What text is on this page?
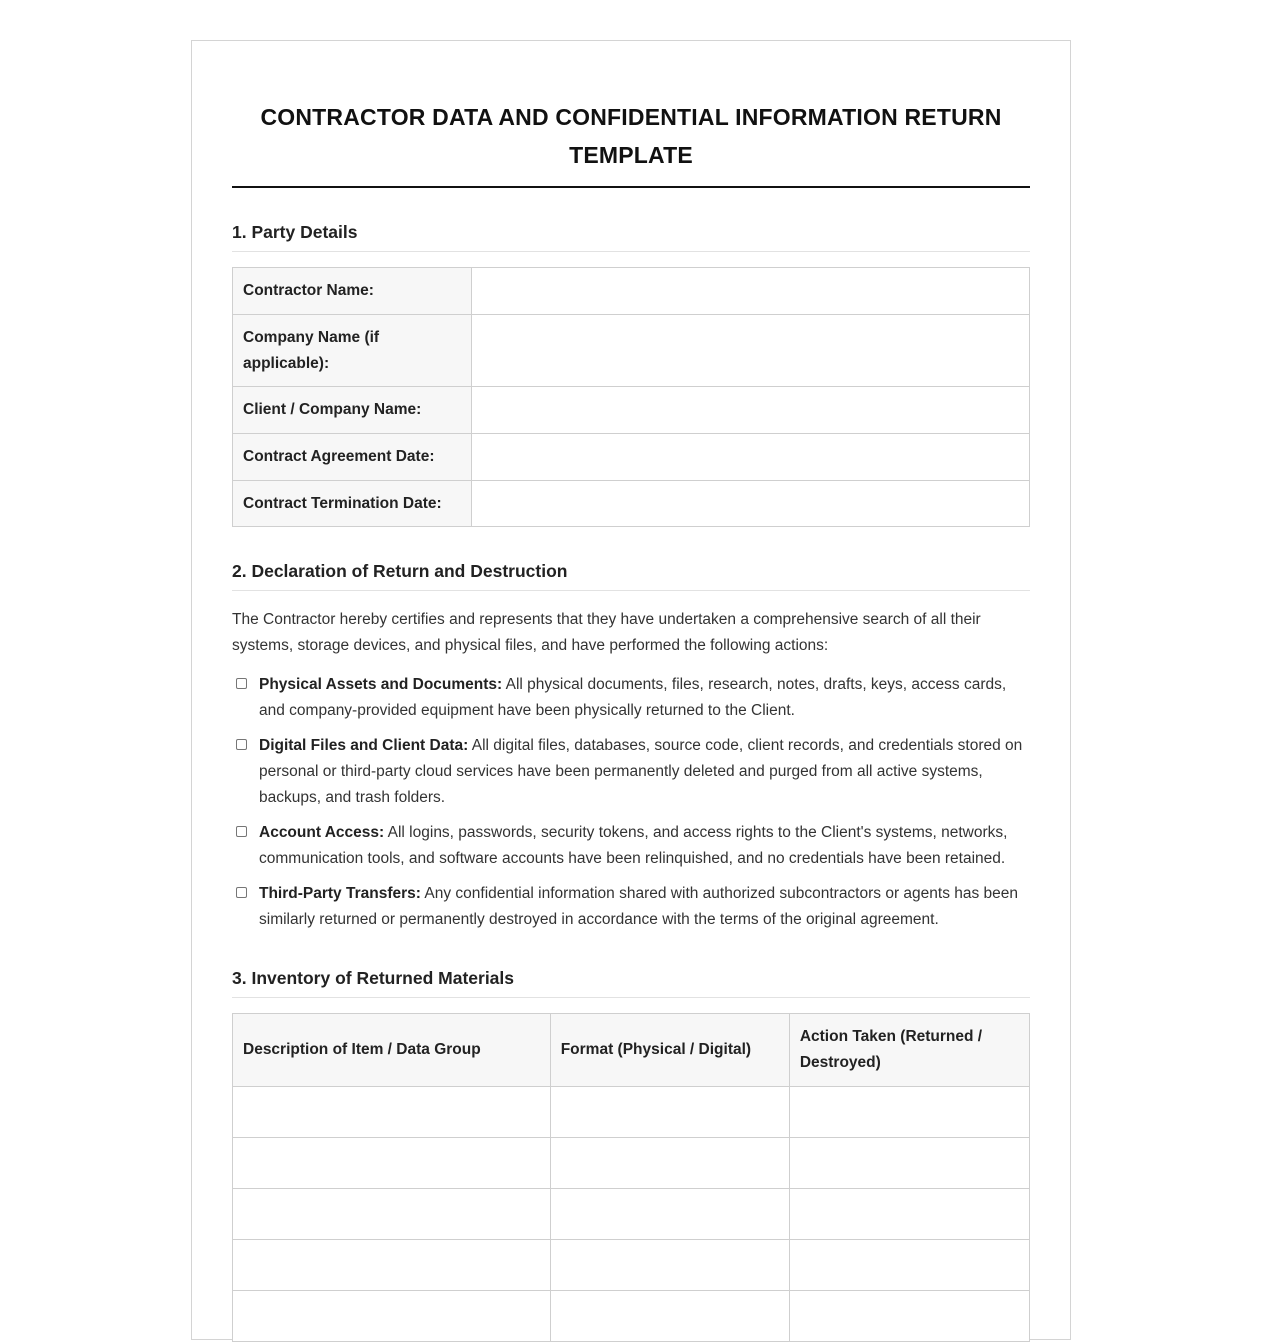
CONTRACTOR DATA AND CONFIDENTIAL INFORMATION RETURN TEMPLATE
1. Party Details
Contractor Name:	
Company Name (if applicable):	
Client / Company Name:	
Contract Agreement Date:	
Contract Termination Date:	
2. Declaration of Return and Destruction
The Contractor hereby certifies and represents that they have undertaken a comprehensive search of all their systems, storage devices, and physical files, and have performed the following actions:
Physical Assets and Documents: All physical documents, files, research, notes, drafts, keys, access cards, and company-provided equipment have been physically returned to the Client.
Digital Files and Client Data: All digital files, databases, source code, client records, and credentials stored on personal or third-party cloud services have been permanently deleted and purged from all active systems, backups, and trash folders.
Account Access: All logins, passwords, security tokens, and access rights to the Client's systems, networks, communication tools, and software accounts have been relinquished, and no credentials have been retained.
Third-Party Transfers: Any confidential information shared with authorized subcontractors or agents has been similarly returned or permanently destroyed in accordance with the terms of the original agreement.
3. Inventory of Returned Materials
Description of Item / Data Group	Format (Physical / Digital)	Action Taken (Returned / Destroyed)
